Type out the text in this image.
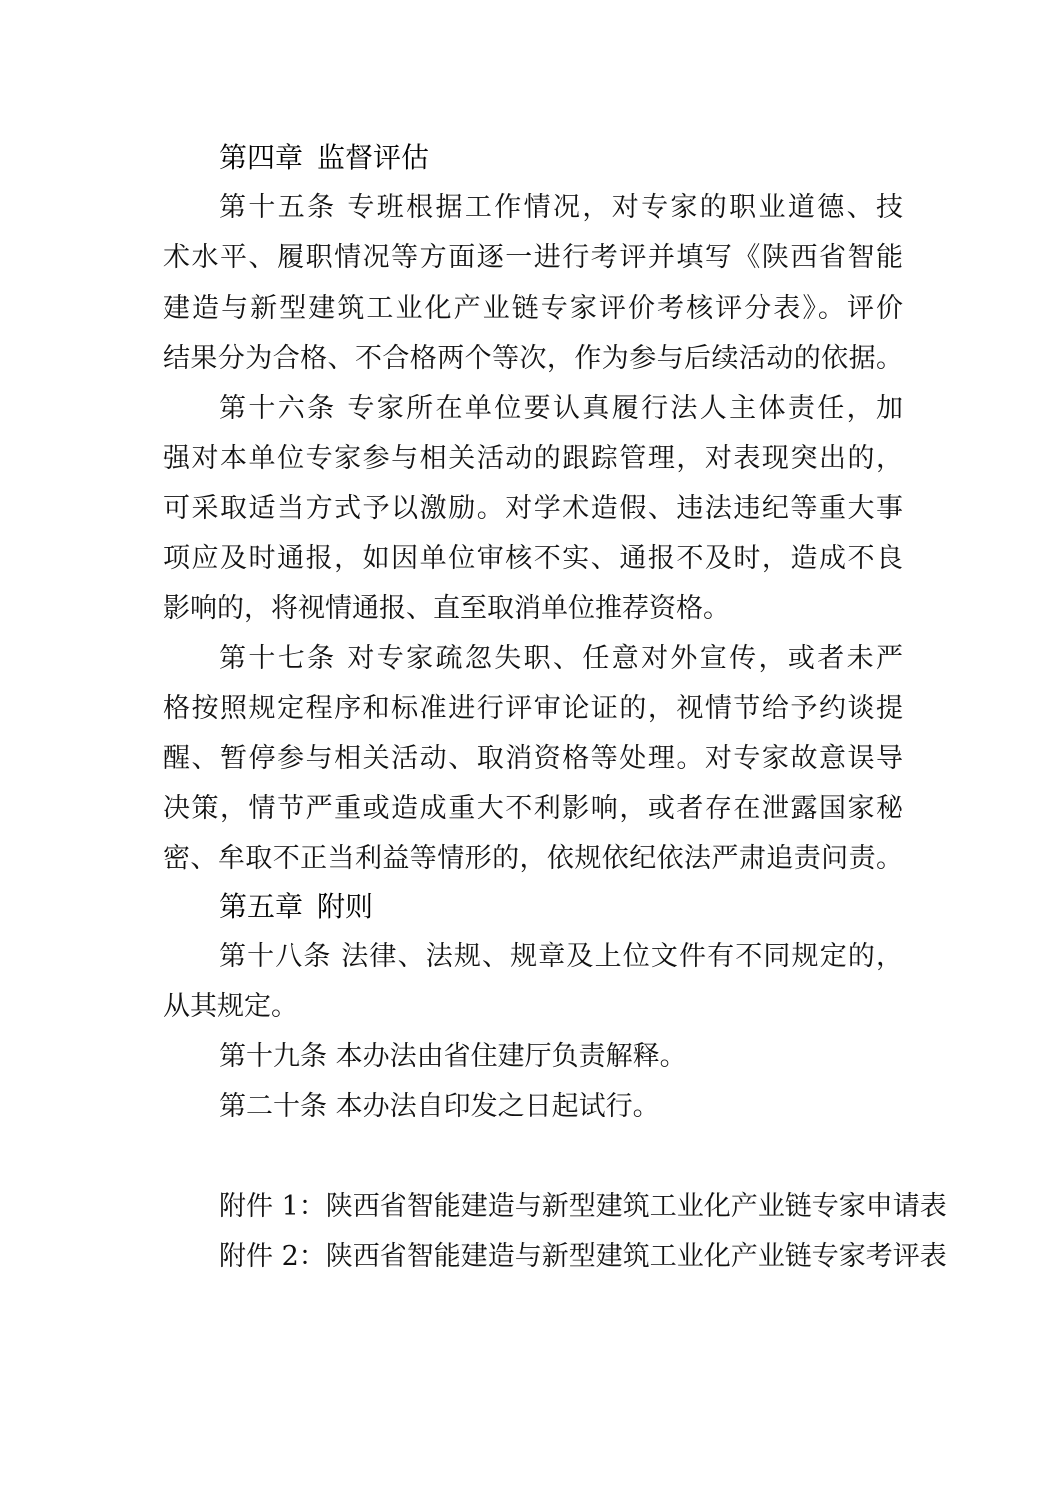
第四章 监督评估
第十五条 专班根据工作情况，对专家的职业道德、技
术水平、履职情况等方面逐一进行考评并填写《陕西省智能
建造与新型建筑工业化产业链专家评价考核评分表》。评价
结果分为合格、不合格两个等次，作为参与后续活动的依据。
第十六条 专家所在单位要认真履行法人主体责任，加
强对本单位专家参与相关活动的跟踪管理，对表现突出的，
可采取适当方式予以激励。对学术造假、违法违纪等重大事
项应及时通报，如因单位审核不实、通报不及时，造成不良
影响的，将视情通报、直至取消单位推荐资格。
第十七条 对专家疏忽失职、任意对外宣传，或者未严
格按照规定程序和标准进行评审论证的，视情节给予约谈提
醒、暂停参与相关活动、取消资格等处理。对专家故意误导
决策，情节严重或造成重大不利影响，或者存在泄露国家秘
密、牟取不正当利益等情形的，依规依纪依法严肃追责问责。
第五章 附则
第十八条 法律、法规、规章及上位文件有不同规定的，
从其规定。
第十九条 本办法由省住建厅负责解释。
第二十条 本办法自印发之日起试行。
附件 1：陕西省智能建造与新型建筑工业化产业链专家申请表
附件 2：陕西省智能建造与新型建筑工业化产业链专家考评表
